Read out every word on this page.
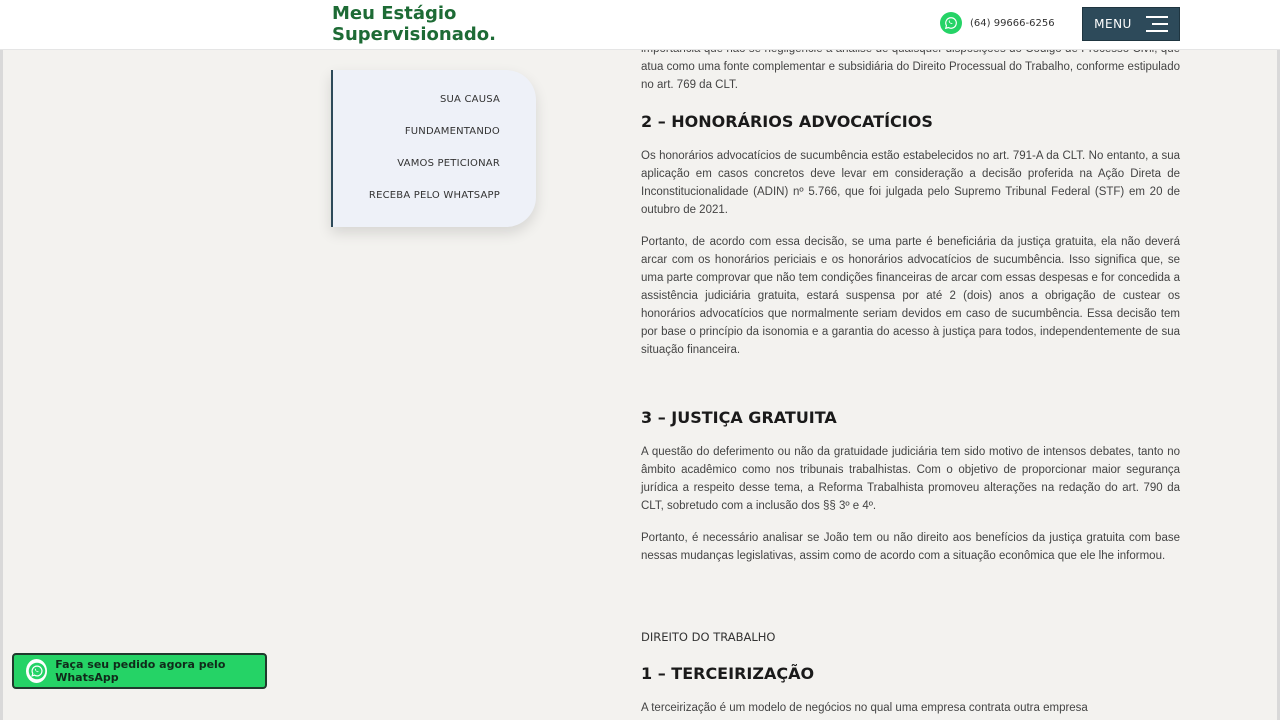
Meu Estágio
Supervisionado.
(64) 99666-6256	MENU
SUA CAUSA
FUNDAMENTANDO
VAMOS PETICIONAR
RECEBA PELO WHATSAPP
atua como uma fonte complementar e subsidiária do Direito Processual do Trabalho, conforme estipulado no art. 769 da CLT.
2 – HONORÁRIOS ADVOCATÍCIOS
Os honorários advocatícios de sucumbência estão estabelecidos no art. 791-A da CLT. No entanto, a sua aplicação em casos concretos deve levar em consideração a decisão proferida na Ação Direta de Inconstitucionalidade (ADIN) nº 5.766, que foi julgada pelo Supremo Tribunal Federal (STF) em 20 de outubro de 2021.
Portanto, de acordo com essa decisão, se uma parte é beneficiária da justiça gratuita, ela não deverá arcar com os honorários periciais e os honorários advocatícios de sucumbência. Isso significa que, se uma parte comprovar que não tem condições financeiras de arcar com essas despesas e for concedida a assistência judiciária gratuita, estará suspensa por até 2 (dois) anos a obrigação de custear os honorários advocatícios que normalmente seriam devidos em caso de sucumbência. Essa decisão tem por base o princípio da isonomia e a garantia do acesso à justiça para todos, independentemente de sua situação financeira.
3 – JUSTIÇA GRATUITA
A questão do deferimento ou não da gratuidade judiciária tem sido motivo de intensos debates, tanto no âmbito acadêmico como nos tribunais trabalhistas. Com o objetivo de proporcionar maior segurança jurídica a respeito desse tema, a Reforma Trabalhista promoveu alterações na redação do art. 790 da CLT, sobretudo com a inclusão dos §§ 3º e 4º.
Portanto, é necessário analisar se João tem ou não direito aos benefícios da justiça gratuita com base nessas mudanças legislativas, assim como de acordo com a situação econômica que ele lhe informou.
DIREITO DO TRABALHO
1 – TERCEIRIZAÇÃO
A terceirização é um modelo de negócios no qual uma empresa contrata outra empresa
Faça seu pedido agora pelo WhatsApp
